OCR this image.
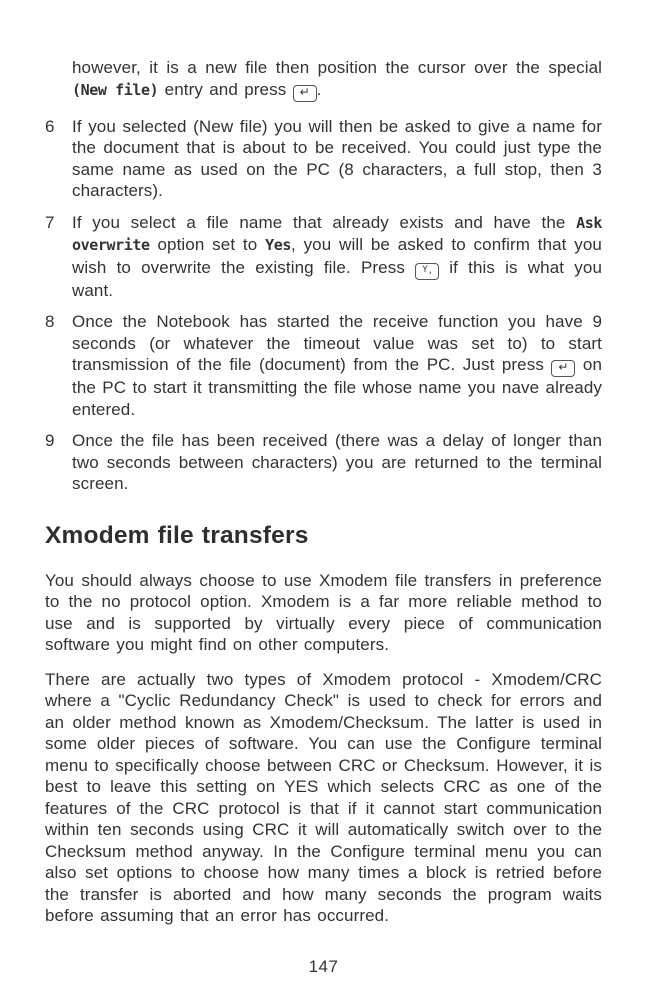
however, it is a new file then position the cursor over the special (New file) entry and press ↵ .
6	If you selected (New file) you will then be asked to give a name for the document that is about to be received. You could just type the same name as used on the PC (8 characters, a full stop, then 3 characters).
7	If you select a file name that already exists and have the Ask overwrite option set to Yes, you will be asked to confirm that you wish to overwrite the existing file. Press Y, if this is what you want.
8	Once the Notebook has started the receive function you have 9 seconds (or whatever the timeout value was set to) to start transmission of the file (document) from the PC. Just press ↵ on the PC to start it transmitting the file whose name you nave already entered.
9	Once the file has been received (there was a delay of longer than two seconds between characters) you are returned to the terminal screen.
Xmodem file transfers

You should always choose to use Xmodem file transfers in preference to the no protocol option. Xmodem is a far more reliable method to use and is supported by virtually every piece of communication software you might find on other computers.

There are actually two types of Xmodem protocol - Xmodem/CRC where a "Cyclic Redundancy Check" is used to check for errors and an older method known as Xmodem/Checksum. The latter is used in some older pieces of software. You can use the Configure terminal menu to specifically choose between CRC or Checksum. However, it is best to leave this setting on YES which selects CRC as one of the features of the CRC protocol is that if it cannot start communication within ten seconds using CRC it will automatically switch over to the Checksum method anyway. In the Configure terminal menu you can also set options to choose how many times a block is retried before the transfer is aborted and how many seconds the program waits before assuming that an error has occurred.

147
